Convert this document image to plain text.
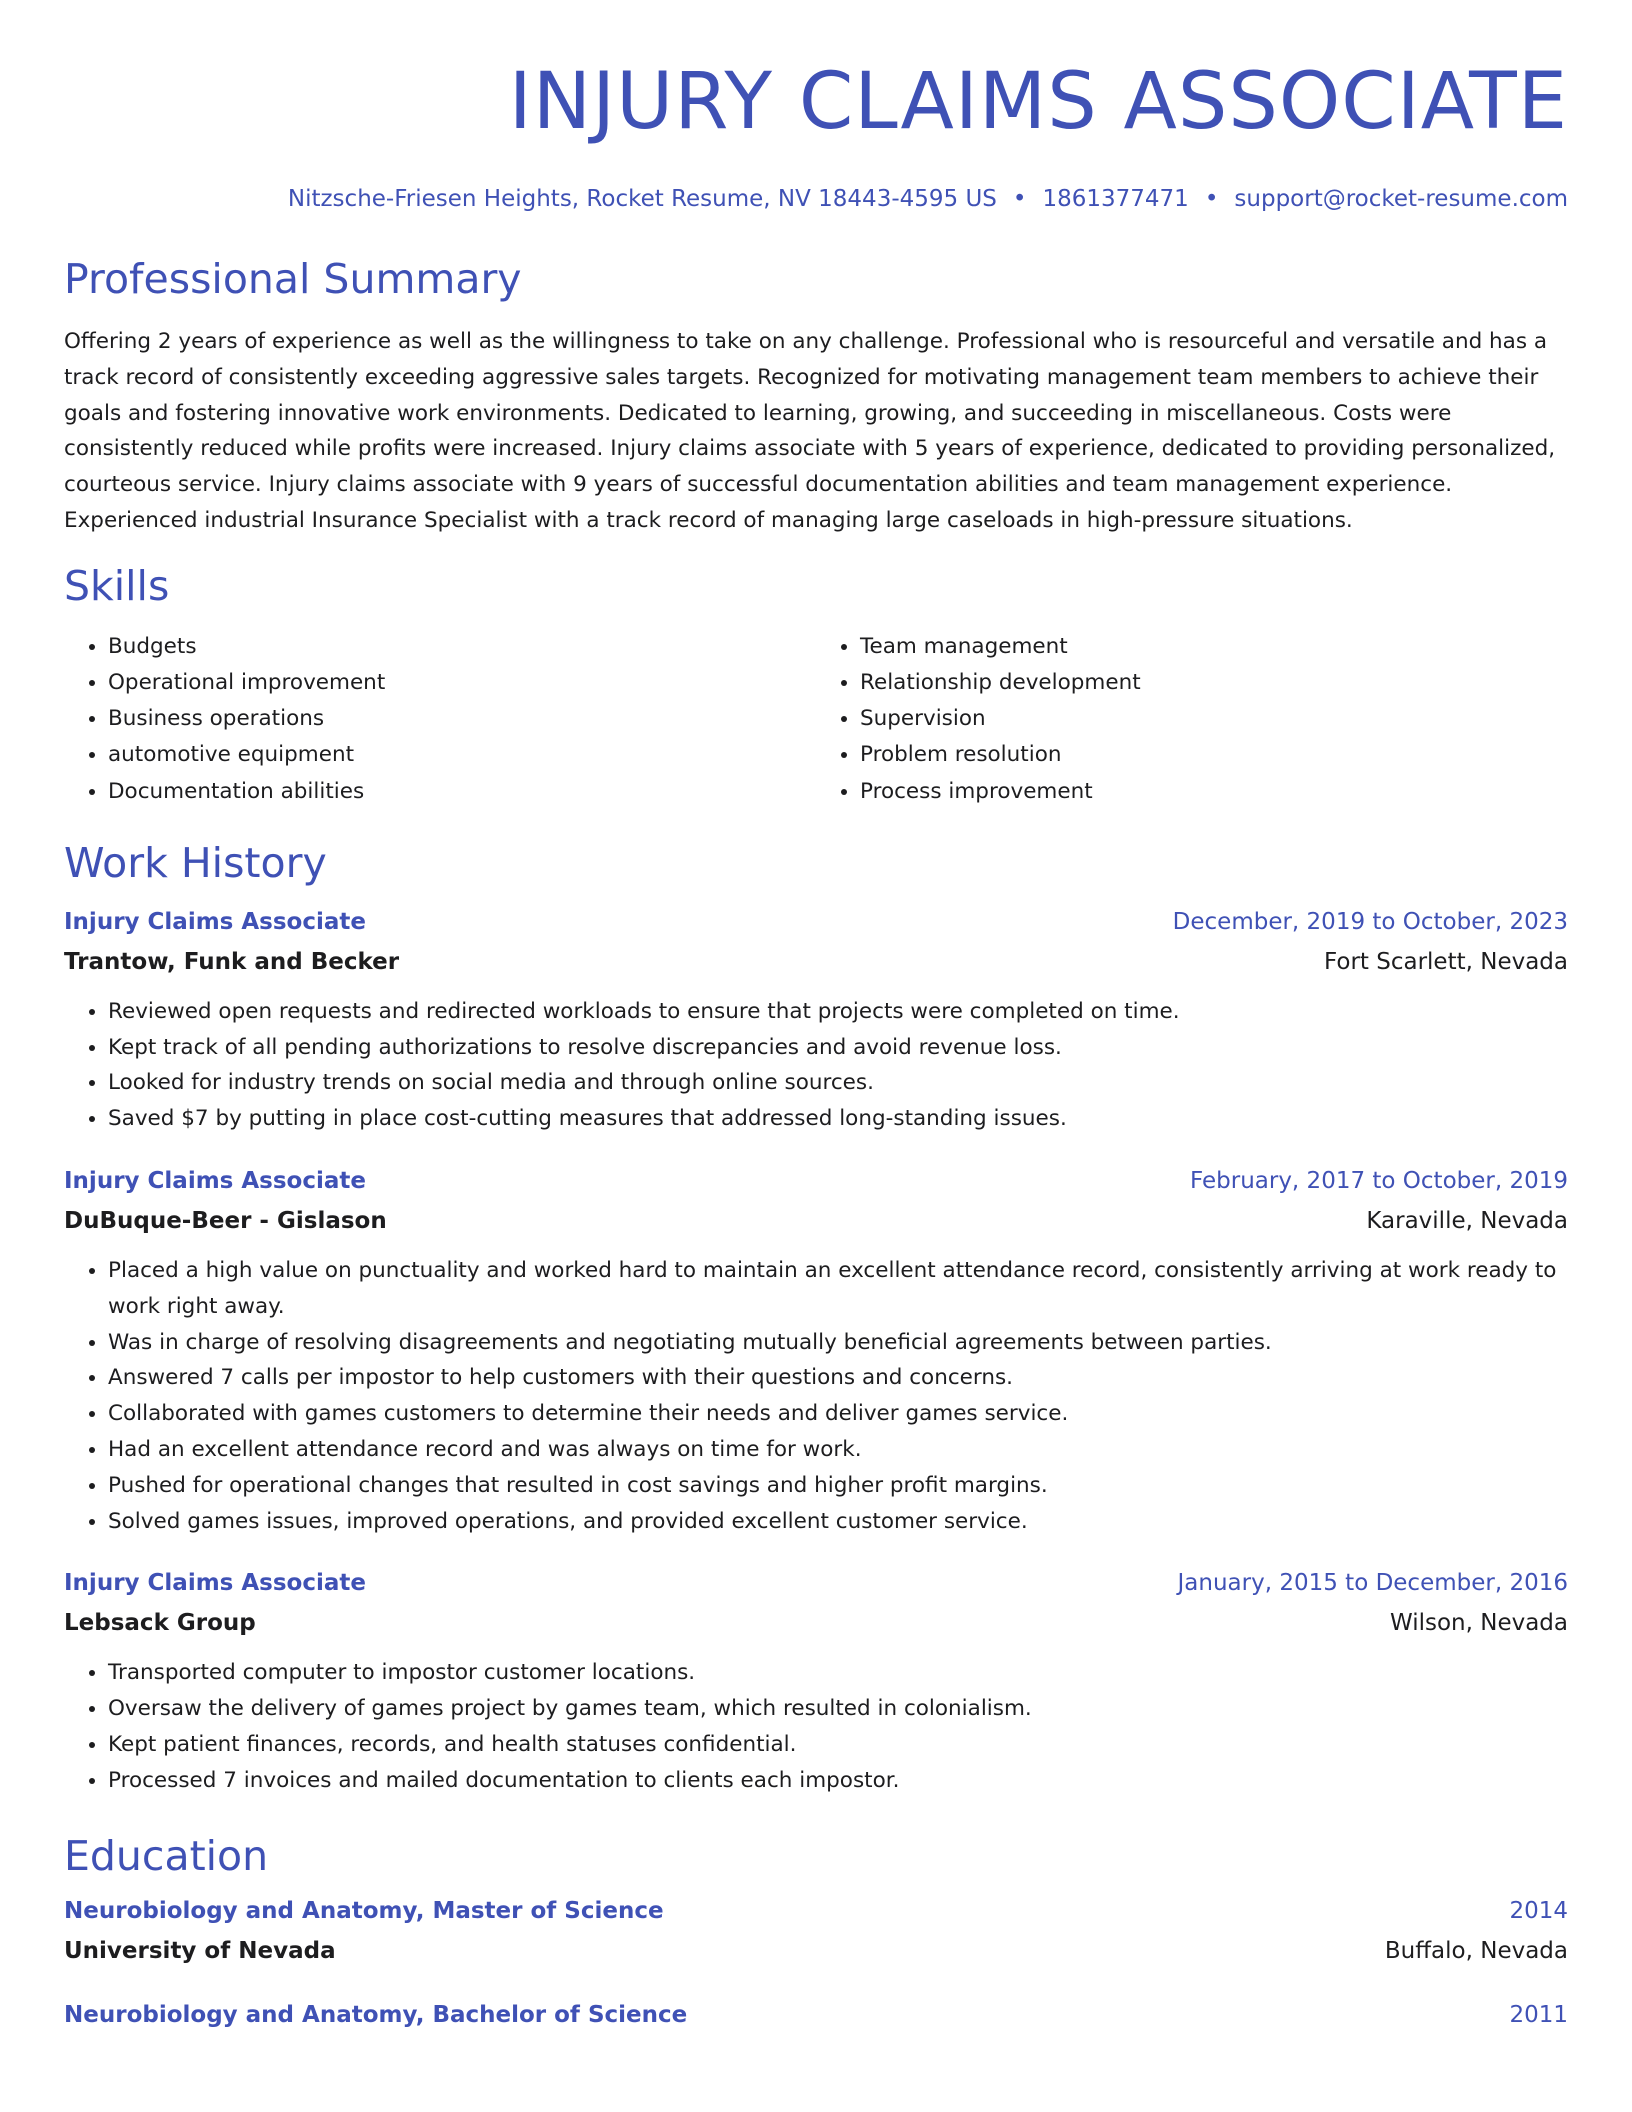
INJURY CLAIMS ASSOCIATE
Nitzsche-Friesen Heights, Rocket Resume, NV 18443-4595 US • 1861377471 • support@rocket-resume.com
Professional Summary
Offering 2 years of experience as well as the willingness to take on any challenge. Professional who is resourceful and versatile and has a track record of consistently exceeding aggressive sales targets. Recognized for motivating management team members to achieve their goals and fostering innovative work environments. Dedicated to learning, growing, and succeeding in miscellaneous. Costs were consistently reduced while profits were increased. Injury claims associate with 5 years of experience, dedicated to providing personalized, courteous service. Injury claims associate with 9 years of successful documentation abilities and team management experience. Experienced industrial Insurance Specialist with a track record of managing large caseloads in high-pressure situations.
Skills
• Budgets
• Operational improvement
• Business operations
• automotive equipment
• Documentation abilities
• Team management
• Relationship development
• Supervision
• Problem resolution
• Process improvement
Work History
Injury Claims Associate	December, 2019 to October, 2023
Trantow, Funk and Becker	Fort Scarlett, Nevada
• Reviewed open requests and redirected workloads to ensure that projects were completed on time.
• Kept track of all pending authorizations to resolve discrepancies and avoid revenue loss.
• Looked for industry trends on social media and through online sources.
• Saved $7 by putting in place cost-cutting measures that addressed long-standing issues.
Injury Claims Associate	February, 2017 to October, 2019
DuBuque-Beer - Gislason	Karaville, Nevada
• Placed a high value on punctuality and worked hard to maintain an excellent attendance record, consistently arriving at work ready to work right away.
• Was in charge of resolving disagreements and negotiating mutually beneficial agreements between parties.
• Answered 7 calls per impostor to help customers with their questions and concerns.
• Collaborated with games customers to determine their needs and deliver games service.
• Had an excellent attendance record and was always on time for work.
• Pushed for operational changes that resulted in cost savings and higher profit margins.
• Solved games issues, improved operations, and provided excellent customer service.
Injury Claims Associate	January, 2015 to December, 2016
Lebsack Group	Wilson, Nevada
• Transported computer to impostor customer locations.
• Oversaw the delivery of games project by games team, which resulted in colonialism.
• Kept patient finances, records, and health statuses confidential.
• Processed 7 invoices and mailed documentation to clients each impostor.
Education
Neurobiology and Anatomy, Master of Science	2014
University of Nevada	Buffalo, Nevada
Neurobiology and Anatomy, Bachelor of Science	2011
